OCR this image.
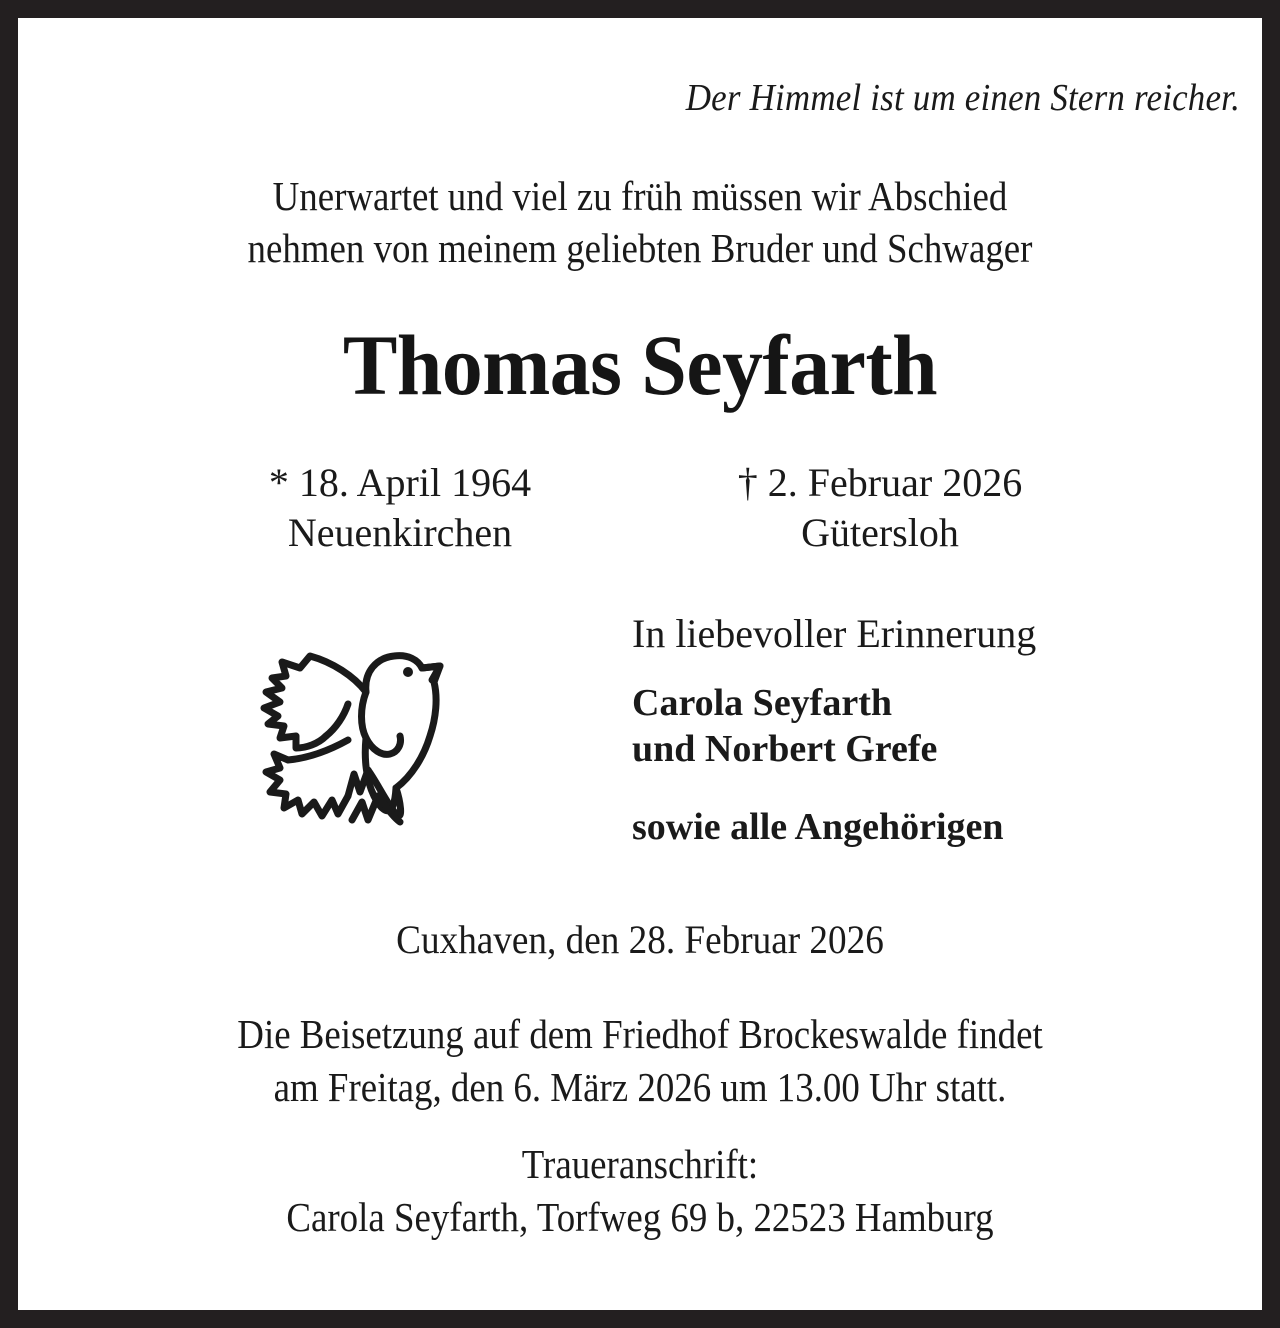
Der Himmel ist um einen Stern reicher.
Unerwartet und viel zu früh müssen wir Abschied
nehmen von meinem geliebten Bruder und Schwager
Thomas Seyfarth
* 18. April 1964
Neuenkirchen
† 2. Februar 2026
Gütersloh
In liebevoller Erinnerung
Carola Seyfarth
und Norbert Grefe
sowie alle Angehörigen
Cuxhaven, den 28. Februar 2026
Die Beisetzung auf dem Friedhof Brockeswalde findet
am Freitag, den 6. März 2026 um 13.00 Uhr statt.
Traueranschrift:
Carola Seyfarth, Torfweg 69 b, 22523 Hamburg
